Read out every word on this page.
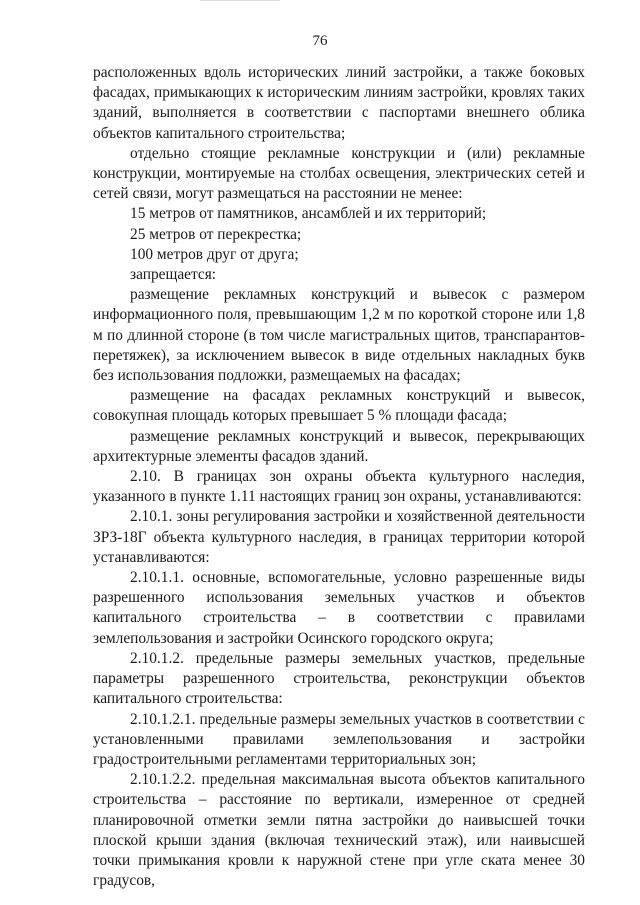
76

расположенных вдоль исторических линий застройки, а также боковых фасадах, примыкающих к историческим линиям застройки, кровлях таких зданий, выполняется в соответствии с паспортами внешнего облика объектов капитального строительства;

отдельно стоящие рекламные конструкции и (или) рекламные конструкции, монтируемые на столбах освещения, электрических сетей и сетей связи, могут размещаться на расстоянии не менее:

15 метров от памятников, ансамблей и их территорий;

25 метров от перекрестка;

100 метров друг от друга;

запрещается:

размещение рекламных конструкций и вывесок с размером информационного поля, превышающим 1,2 м по короткой стороне или 1,8 м по длинной стороне (в том числе магистральных щитов, транспарантов-перетяжек), за исключением вывесок в виде отдельных накладных букв без использования подложки, размещаемых на фасадах;

размещение на фасадах рекламных конструкций и вывесок, совокупная площадь которых превышает 5 % площади фасада;

размещение рекламных конструкций и вывесок, перекрывающих архитектурные элементы фасадов зданий.

2.10. В границах зон охраны объекта культурного наследия, указанного в пункте 1.11 настоящих границ зон охраны, устанавливаются:

2.10.1. зоны регулирования застройки и хозяйственной деятельности ЗРЗ-18Г объекта культурного наследия, в границах территории которой устанавливаются:

2.10.1.1. основные, вспомогательные, условно разрешенные виды разрешенного использования земельных участков и объектов капитального строительства – в соответствии с правилами землепользования и застройки Осинского городского округа;

2.10.1.2. предельные размеры земельных участков, предельные параметры разрешенного строительства, реконструкции объектов капитального строительства:

2.10.1.2.1. предельные размеры земельных участков в соответствии с установленными правилами землепользования и застройки градостроительными регламентами территориальных зон;

2.10.1.2.2. предельная максимальная высота объектов капитального строительства – расстояние по вертикали, измеренное от средней планировочной отметки земли пятна застройки до наивысшей точки плоской крыши здания (включая технический этаж), или наивысшей точки примыкания кровли к наружной стене при угле ската менее 30 градусов,
